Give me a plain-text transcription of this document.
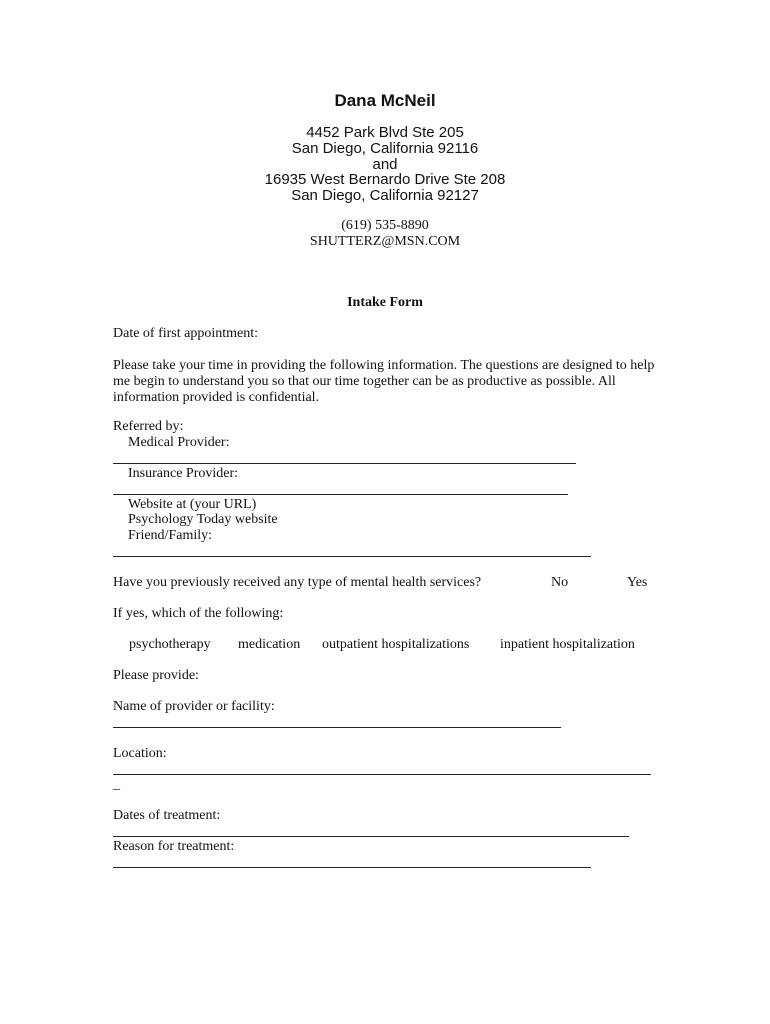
Dana McNeil
4452 Park Blvd Ste 205
San Diego, California 92116
and
16935 West Bernardo Drive Ste 208
San Diego, California 92127
(619) 535-8890
SHUTTERZ@MSN.COM
Intake Form
Date of first appointment:
Please take your time in providing the following information. The questions are designed to help me begin to understand you so that our time together can be as productive as possible. All information provided is confidential.
Referred by:
Medical Provider:
Insurance Provider:
Website at (your URL)
Psychology Today website
Friend/Family:
Have you previously received any type of mental health services?	No	Yes
If yes, which of the following:
psychotherapy medication outpatient hospitalizations inpatient hospitalization
Please provide:
Name of provider or facility:
Location:
_
Dates of treatment:
Reason for treatment:
